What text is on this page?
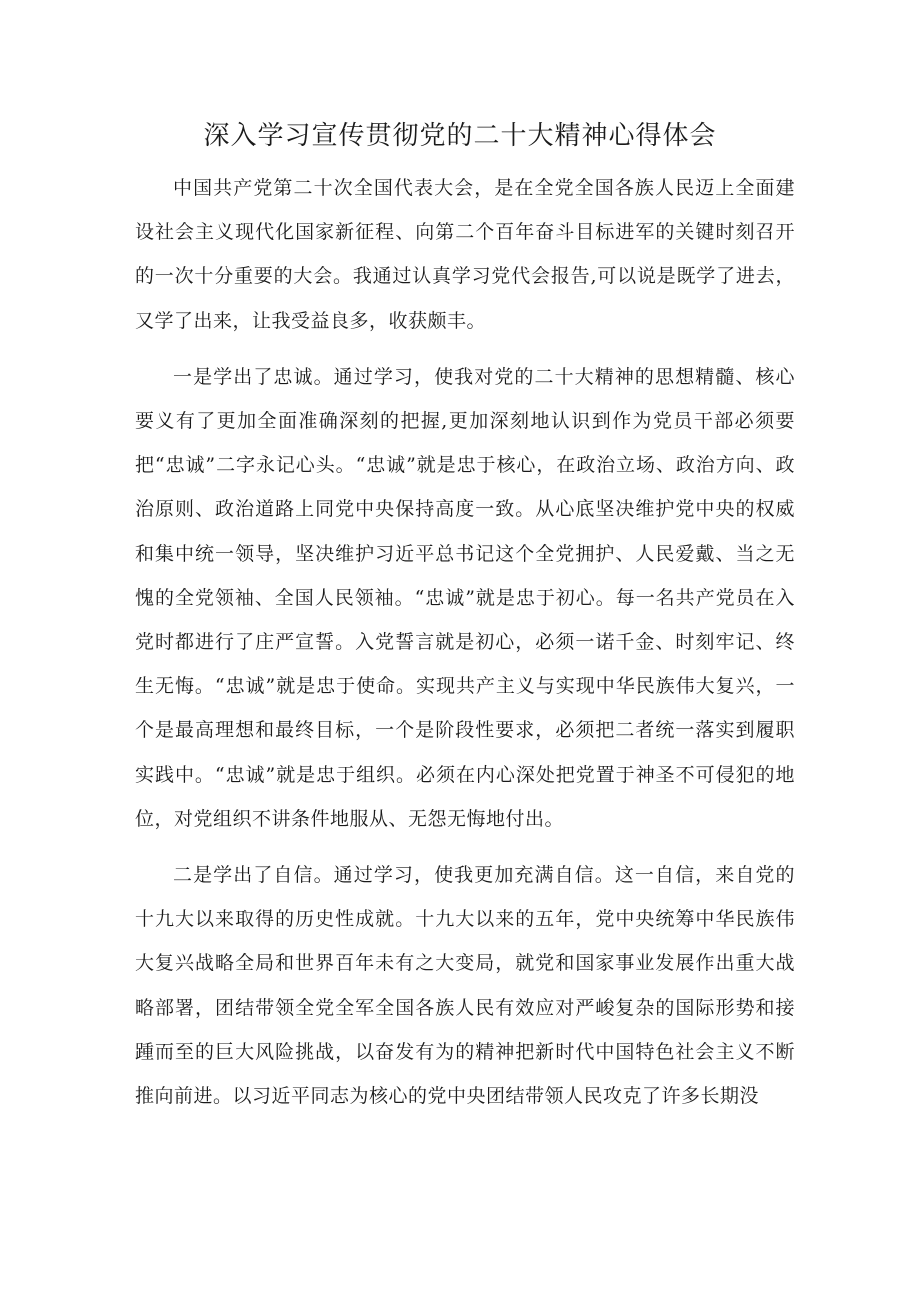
深入学习宣传贯彻党的二十大精神心得体会

中国共产党第二十次全国代表大会，是在全党全国各族人民迈上全面建设社会主义现代化国家新征程、向第二个百年奋斗目标进军的关键时刻召开的一次十分重要的大会。我通过认真学习党代会报告,可以说是既学了进去，又学了出来，让我受益良多，收获颇丰。

一是学出了忠诚。通过学习，使我对党的二十大精神的思想精髓、核心要义有了更加全面准确深刻的把握,更加深刻地认识到作为党员干部必须要把“忠诚”二字永记心头。“忠诚”就是忠于核心，在政治立场、政治方向、政治原则、政治道路上同党中央保持高度一致。从心底坚决维护党中央的权威和集中统一领导，坚决维护习近平总书记这个全党拥护、人民爱戴、当之无愧的全党领袖、全国人民领袖。“忠诚”就是忠于初心。每一名共产党员在入党时都进行了庄严宣誓。入党誓言就是初心，必须一诺千金、时刻牢记、终生无悔。“忠诚”就是忠于使命。实现共产主义与实现中华民族伟大复兴，一个是最高理想和最终目标，一个是阶段性要求，必须把二者统一落实到履职实践中。“忠诚”就是忠于组织。必须在内心深处把党置于神圣不可侵犯的地位，对党组织不讲条件地服从、无怨无悔地付出。

二是学出了自信。通过学习，使我更加充满自信。这一自信，来自党的十九大以来取得的历史性成就。十九大以来的五年，党中央统筹中华民族伟大复兴战略全局和世界百年未有之大变局，就党和国家事业发展作出重大战略部署，团结带领全党全军全国各族人民有效应对严峻复杂的国际形势和接踵而至的巨大风险挑战，以奋发有为的精神把新时代中国特色社会主义不断推向前进。以习近平同志为核心的党中央团结带领人民攻克了许多长期没
